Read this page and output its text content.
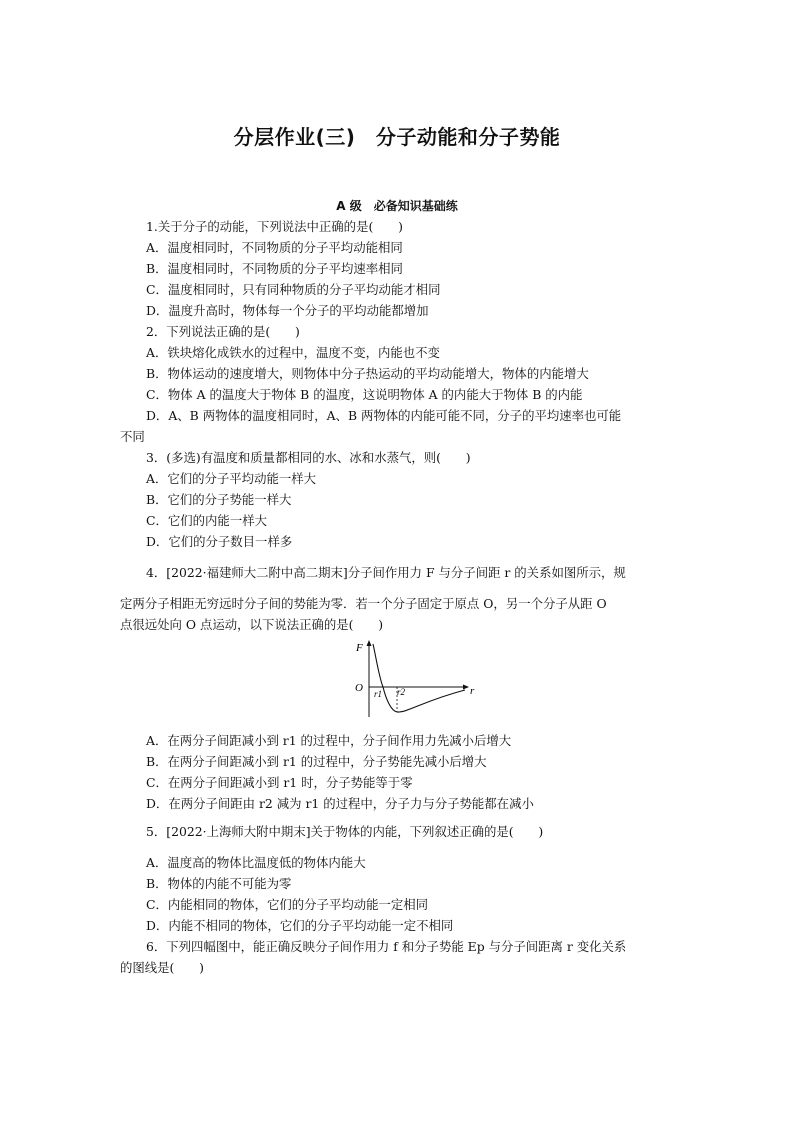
分层作业(三)　分子动能和分子势能
A 级　必备知识基础练
1.关于分子的动能，下列说法中正确的是(　　)
A．温度相同时，不同物质的分子平均动能相同
B．温度相同时，不同物质的分子平均速率相同
C．温度相同时，只有同种物质的分子平均动能才相同
D．温度升高时，物体每一个分子的平均动能都增加
2．下列说法正确的是(　　)
A．铁块熔化成铁水的过程中，温度不变，内能也不变
B．物体运动的速度增大，则物体中分子热运动的平均动能增大，物体的内能增大
C．物体 A 的温度大于物体 B 的温度，这说明物体 A 的内能大于物体 B 的内能
D．A、B 两物体的温度相同时，A、B 两物体的内能可能不同，分子的平均速率也可能
不同
3．(多选)有温度和质量都相同的水、冰和水蒸气，则(　　)
A．它们的分子平均动能一样大
B．它们的分子势能一样大
C．它们的内能一样大
D．它们的分子数目一样多
4．[2022·福建师大二附中高二期末]分子间作用力 F 与分子间距 r 的关系如图所示，规
定两分子相距无穷远时分子间的势能为零．若一个分子固定于原点 O，另一个分子从距 O
点很远处向 O 点运动，以下说法正确的是(　　)
F
O	r
r1 r2
A．在两分子间距减小到 r1 的过程中，分子间作用力先减小后增大
B．在两分子间距减小到 r1 的过程中，分子势能先减小后增大
C．在两分子间距减小到 r1 时，分子势能等于零
D．在两分子间距由 r2 减为 r1 的过程中，分子力与分子势能都在减小
5．[2022·上海师大附中期末]关于物体的内能，下列叙述正确的是(　　)
A．温度高的物体比温度低的物体内能大
B．物体的内能不可能为零
C．内能相同的物体，它们的分子平均动能一定相同
D．内能不相同的物体，它们的分子平均动能一定不相同
6．下列四幅图中，能正确反映分子间作用力 f 和分子势能 Ep 与分子间距离 r 变化关系
的图线是(　　)
